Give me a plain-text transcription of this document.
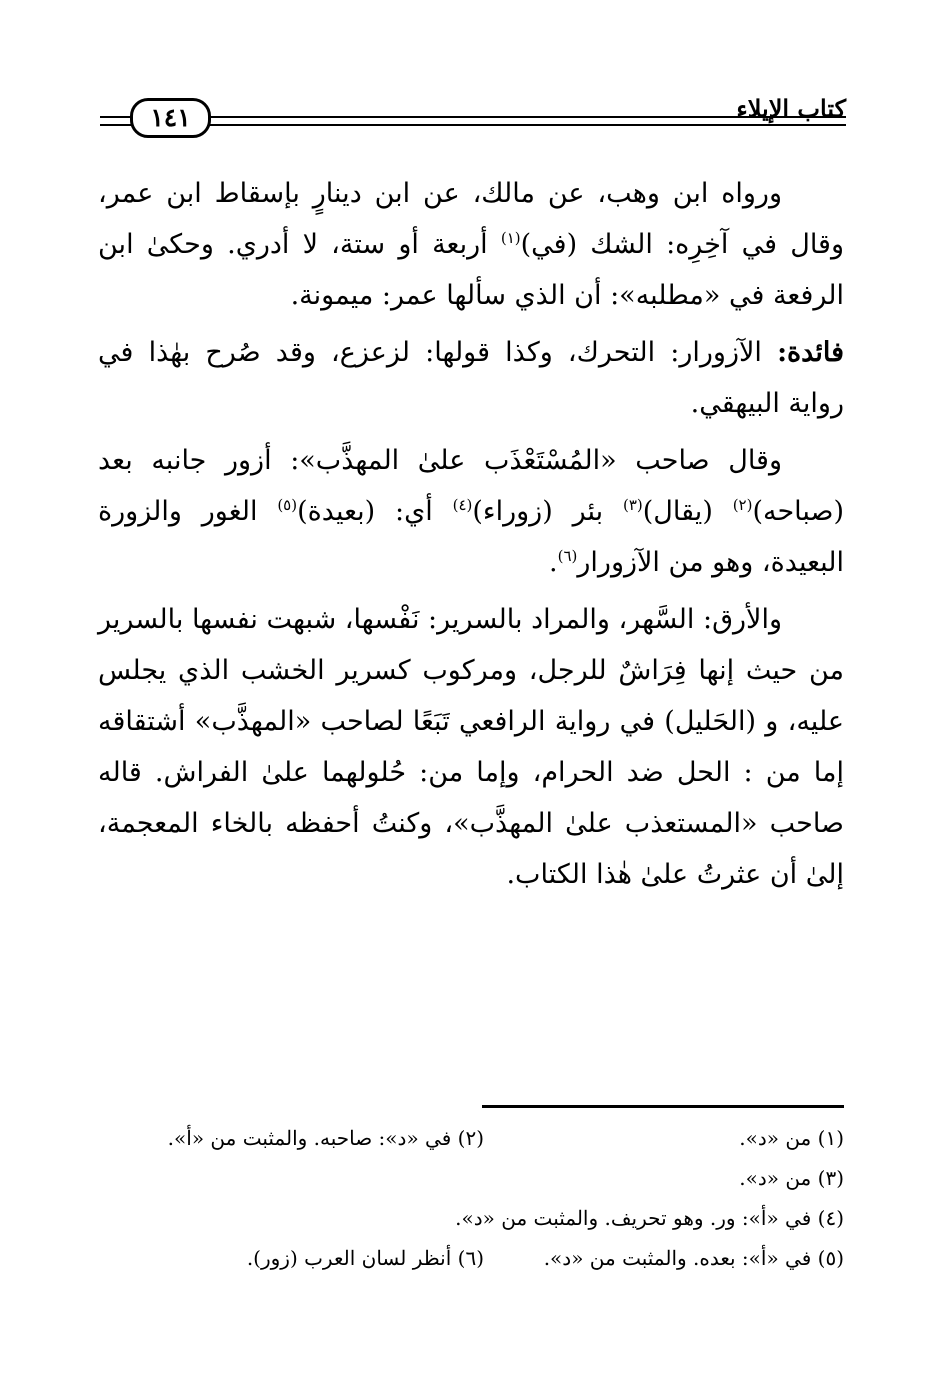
١٤١	كتاب الإيلاء

ورواه ابن وهب، عن مالك، عن ابن دينارٍ بإسقاط ابن عمر، وقال في آخِرِه: الشك (في)$^{(١)}$ أربعة أو ستة، لا أدري. وحكىٰ ابن الرفعة في «مطلبه»: أن الذي سألها عمر: ميمونة.

فائدة: الآزورار: التحرك، وكذا قولها: لزعزع، وقد صُرح بهٰذا في رواية البيهقي.

وقال صاحب «المُسْتَعْذَب علىٰ المهذَّب»: أزور جانبه بعد (صباحه)$^{(٢)}$ (يقال)$^{(٣)}$ بئر (زوراء)$^{(٤)}$ أي: (بعيدة)$^{(٥)}$ الغور والزورة البعيدة، وهو من الآزورار$^{(٦)}$.

والأرق: السَّهر، والمراد بالسرير: نَفْسها، شبهت نفسها بالسرير من حيث إنها فِرَاشٌ للرجل، ومركوب كسرير الخشب الذي يجلس عليه، و (الحَليل) في رواية الرافعي تَبَعًا لصاحب «المهذَّب» أشتقاقه إما من : الحل ضد الحرام، وإما من: حُلولهما علىٰ الفراش. قاله صاحب «المستعذب علىٰ المهذَّب»، وكنتُ أحفظه بالخاء المعجمة، إلىٰ أن عثرتُ علىٰ هٰذا الكتاب.

(١) من «د».
(٢) في «د»: صاحبه. والمثبت من «أ».
(٣) من «د».
(٤) في «أ»: ور. وهو تحريف. والمثبت من «د».
(٥) في «أ»: بعده. والمثبت من «د».
(٦) أنظر لسان العرب (زور).
